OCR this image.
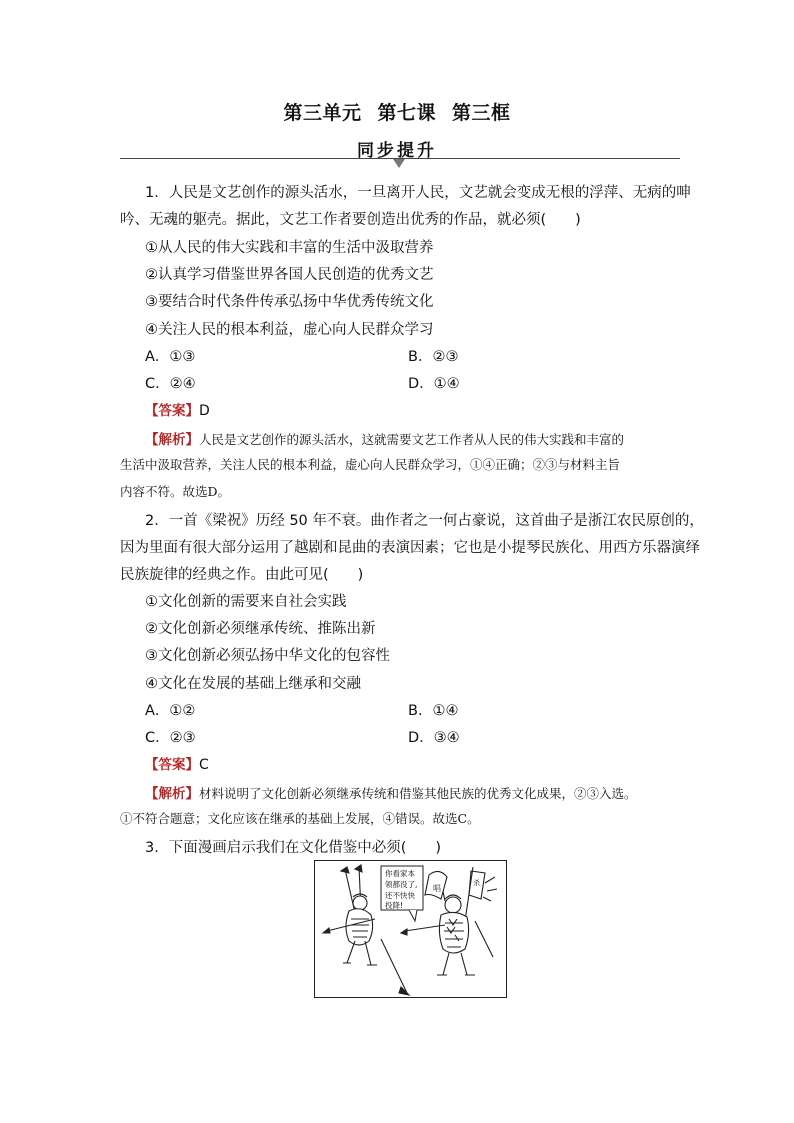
第三单元 第七课 第三框
同步提升
1．人民是文艺创作的源头活水，一旦离开人民，文艺就会变成无根的浮萍、无病的呻
吟、无魂的躯壳。据此，文艺工作者要创造出优秀的作品，就必须(　　)
①从人民的伟大实践和丰富的生活中汲取营养
②认真学习借鉴世界各国人民创造的优秀文艺
③要结合时代条件传承弘扬中华优秀传统文化
④关注人民的根本利益，虚心向人民群众学习
A．①③	B．②③
C．②④	D．①④
【答案】D
【解析】人民是文艺创作的源头活水，这就需要文艺工作者从人民的伟大实践和丰富的
生活中汲取营养，关注人民的根本利益，虚心向人民群众学习，①④正确；②③与材料主旨
内容不符。故选D。
2．一首《梁祝》历经 50 年不衰。曲作者之一何占豪说，这首曲子是浙江农民原创的，
因为里面有很大部分运用了越剧和昆曲的表演因素；它也是小提琴民族化、用西方乐器演绎
民族旋律的经典之作。由此可见(　　)
①文化创新的需要来自社会实践
②文化创新必须继承传统、推陈出新
③文化创新必须弘扬中华文化的包容性
④文化在发展的基础上继承和交融
A．①②	B．①④
C．②③	D．③④
【答案】C
【解析】材料说明了文化创新必须继承传统和借鉴其他民族的优秀文化成果，②③入选。
①不符合题意；文化应该在继承的基础上发展，④错误。故选C。
3．下面漫画启示我们在文化借鉴中必须(　　)
你看家本
领都没了,
还不快快
投降!
唱
杀
